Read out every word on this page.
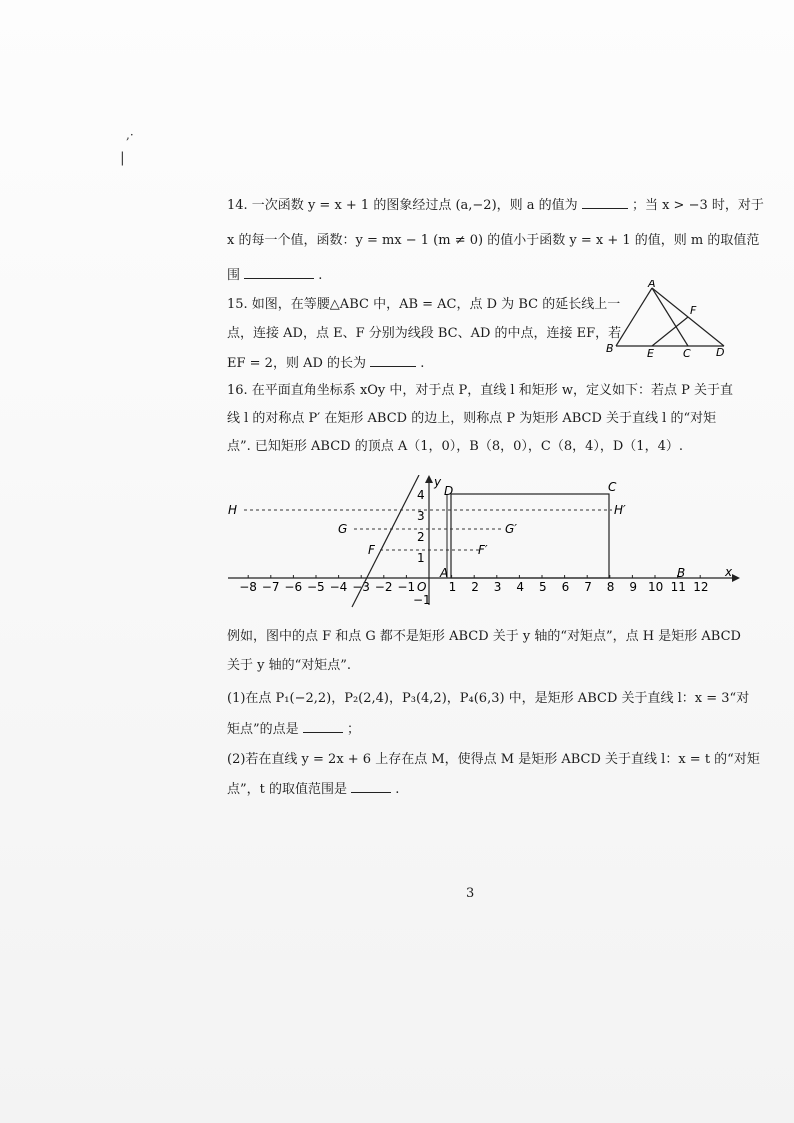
,·
|
14. 一次函数 y = x + 1 的图象经过点 (a,−2)，则 a 的值为	；当 x > −3 时，对于
x 的每一个值，函数：y = mx − 1 (m ≠ 0) 的值小于函数 y = x + 1 的值，则 m 的取值范
围	.
15. 如图，在等腰△ABC 中，AB = AC，点 D 为 BC 的延长线上一
点，连接 AD，点 E、F 分别为线段 BC、AD 的中点，连接 EF，若
EF = 2，则 AD 的长为	.
A
B	E	C D
F
16. 在平面直角坐标系 xOy 中，对于点 P，直线 l 和矩形 w，定义如下：若点 P 关于直
线 l 的对称点 P′ 在矩形 ABCD 的边上，则称点 P 为矩形 ABCD 关于直线 l 的“对矩
点”. 已知矩形 ABCD 的顶点 A（1，0），B（8，0），C（8，4），D（1，4）.
x
y
O
−8 −7 −6 −5 −4 −3 −2 −1	1 2 3 4 5 6 7 8 9 10 11 12
4
3
2
1
−1
D	C
A	B
H	H′
G	G′
F	F′
例如，图中的点 F 和点 G 都不是矩形 ABCD 关于 y 轴的“对矩点”，点 H 是矩形 ABCD
关于 y 轴的“对矩点”.
(1)在点 P₁(−2,2)，P₂(2,4)，P₃(4,2)，P₄(6,3) 中，是矩形 ABCD 关于直线 l：x = 3“对
矩点”的点是	；
(2)若在直线 y = 2x + 6 上存在点 M，使得点 M 是矩形 ABCD 关于直线 l：x = t 的“对矩
点”，t 的取值范围是	.
3
